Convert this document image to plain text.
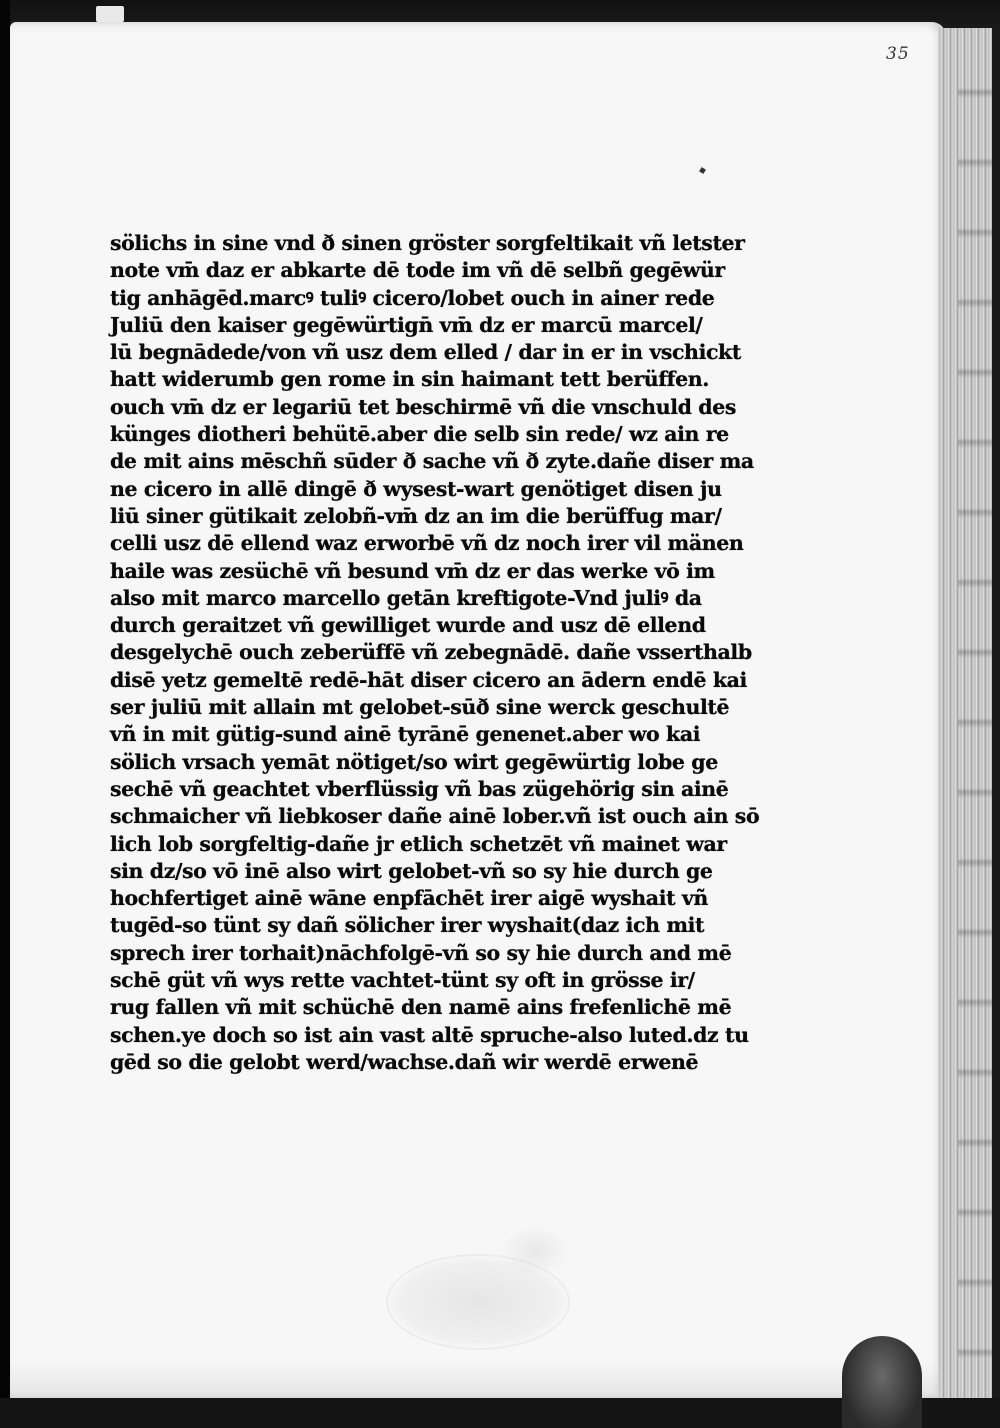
35
sölichs in sine vnd ð sinen gröster sorgfeltikait vñ letster
note vm̄ daz er abkarte dē tode im vñ dē selbñ gegēwür
tig anhāgēd.marcꝰ tuliꝰ cicero/lobet ouch in ainer rede
Juliū den kaiser gegēwürtign̄ vm̄ dz er marcū marcel/
lū begnādede/von vñ usz dem elled / dar in er in vschickt
hatt widerumb gen rome in sin haimant tett berüffen.
ouch vm̄ dz er legariū tet beschirmē vñ die vnschuld des
künges diotheri behütē.aber die selb sin rede/ wz ain re
de mit ains mēschñ sūder ð sache vñ ð zyte.dañe diser ma
ne cicero in allē dingē ð wysest-wart genötiget disen ju
liū siner gütikait zelobñ-vm̄ dz an im die berüffug mar/
celli usz dē ellend waz erworbē vñ dz noch irer vil mänen
haile was zesüchē vñ besund vm̄ dz er das werke vō im
also mit marco marcello getān kreftigote-Vnd juliꝰ da
durch geraitzet vñ gewilliget wurde and usz dē ellend
desgelychē ouch zeberüffē vñ zebegnādē. dañe vsserthalb
disē yetz gemeltē redē-hāt diser cicero an ādern endē kai
ser juliū mit allain mt gelobet-sūð sine werck geschultē
vñ in mit gütig-sund ainē tyrānē genenet.aber wo kai
sölich vrsach yemāt nötiget/so wirt gegēwürtig lobe ge
sechē vñ geachtet vberflüssig vñ bas zügehörig sin ainē
schmaicher vñ liebkoser dañe ainē lober.vñ ist ouch ain sō
lich lob sorgfeltig-dañe jr etlich schetzēt vñ mainet war
sin dz/so vō inē also wirt gelobet-vñ so sy hie durch ge
hochfertiget ainē wāne enpfāchēt irer aigē wyshait vñ
tugēd-so tünt sy dañ sölicher irer wyshait(daz ich mit
sprech irer torhait)nāchfolgē-vñ so sy hie durch and mē
schē güt vñ wys rette vachtet-tünt sy oft in grösse ir/
rug fallen vñ mit schüchē den namē ains frefenlichē mē
schen.ye doch so ist ain vast altē spruche-also luted.dz tu
gēd so die gelobt werd/wachse.dañ wir werdē erwenē
